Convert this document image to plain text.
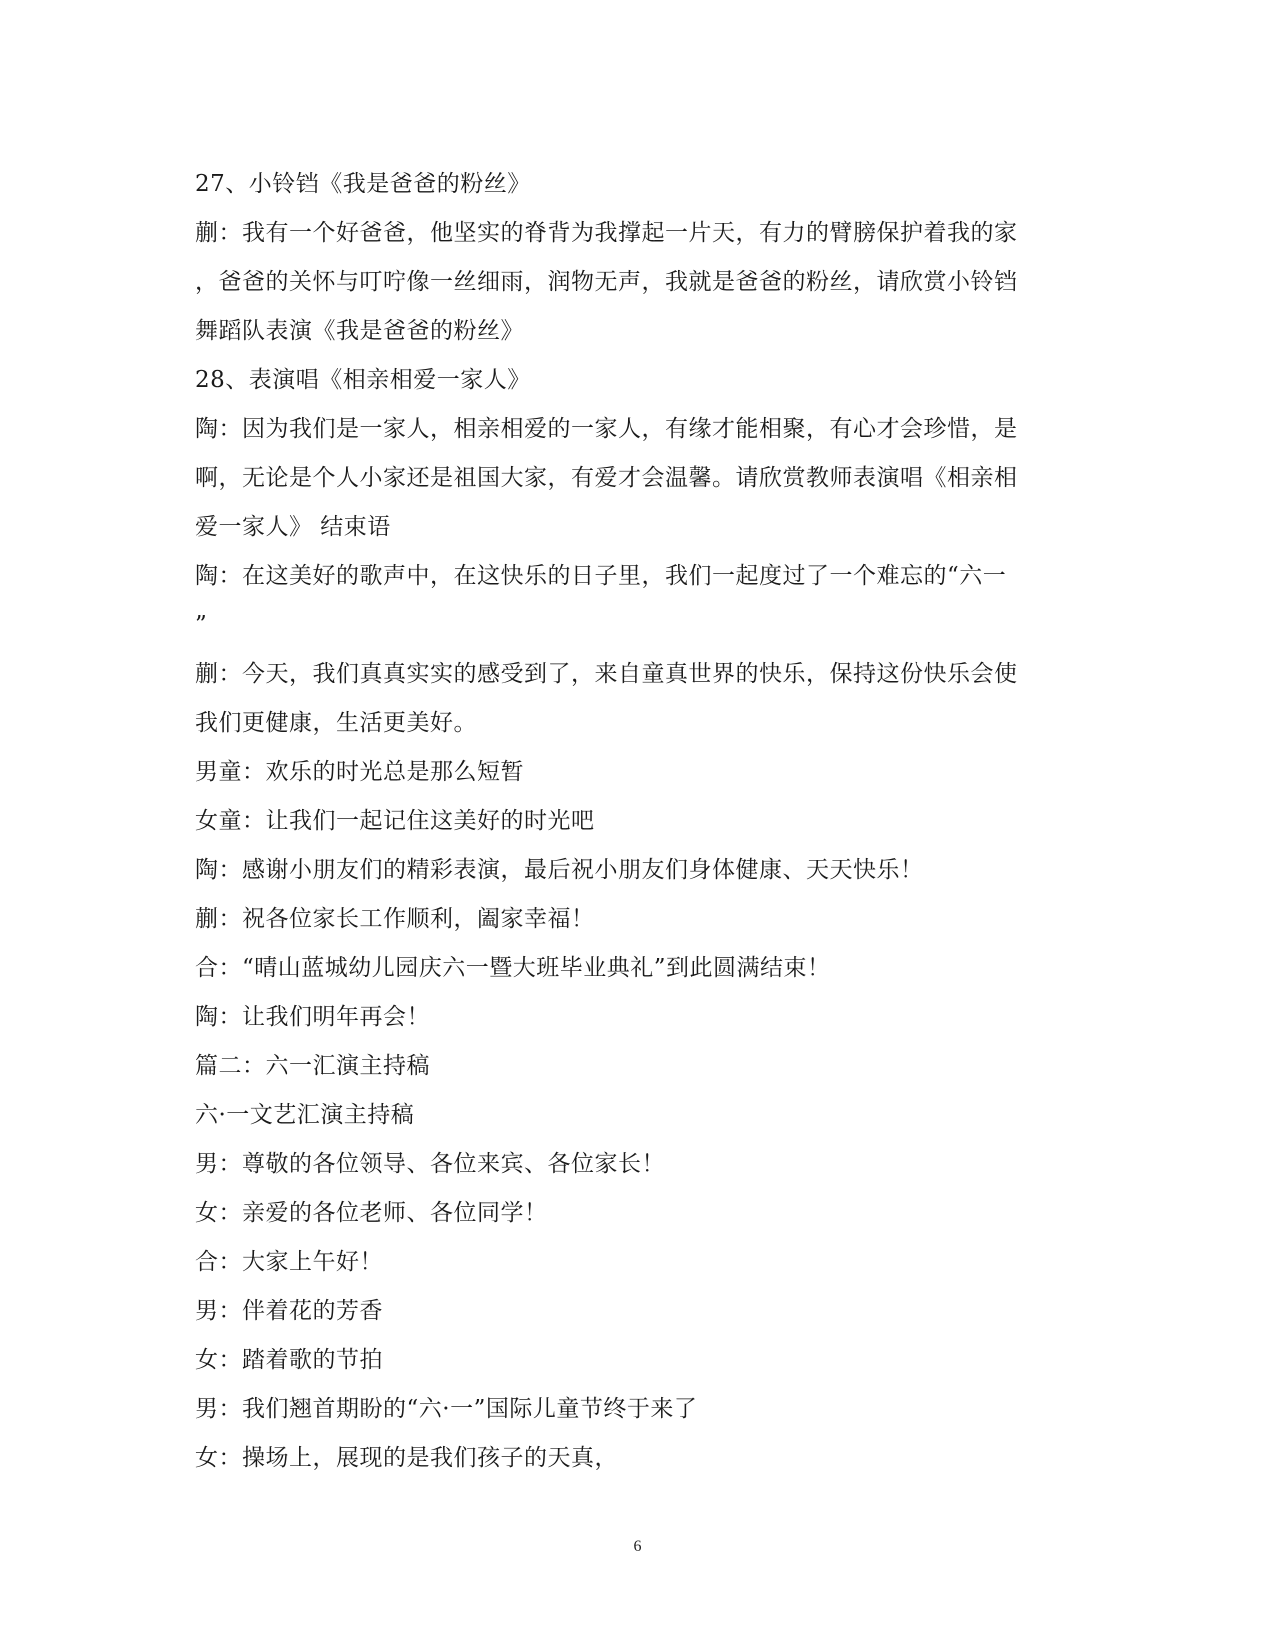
27、小铃铛《我是爸爸的粉丝》
蒯：我有一个好爸爸，他坚实的脊背为我撑起一片天，有力的臂膀保护着我的家
，爸爸的关怀与叮咛像一丝细雨，润物无声，我就是爸爸的粉丝，请欣赏小铃铛
舞蹈队表演《我是爸爸的粉丝》
28、表演唱《相亲相爱一家人》
陶：因为我们是一家人，相亲相爱的一家人，有缘才能相聚，有心才会珍惜，是
啊，无论是个人小家还是祖国大家，有爱才会温馨。请欣赏教师表演唱《相亲相
爱一家人》 结束语
陶：在这美好的歌声中，在这快乐的日子里，我们一起度过了一个难忘的“六一
”
蒯：今天，我们真真实实的感受到了，来自童真世界的快乐，保持这份快乐会使
我们更健康，生活更美好。
男童：欢乐的时光总是那么短暂
女童：让我们一起记住这美好的时光吧
陶：感谢小朋友们的精彩表演，最后祝小朋友们身体健康、天天快乐！
蒯：祝各位家长工作顺利，阖家幸福！
合：“晴山蓝城幼儿园庆六一暨大班毕业典礼”到此圆满结束！
陶：让我们明年再会！
篇二：六一汇演主持稿
六·一文艺汇演主持稿
男：尊敬的各位领导、各位来宾、各位家长！
女：亲爱的各位老师、各位同学！
合：大家上午好！
男：伴着花的芳香
女：踏着歌的节拍
男：我们翘首期盼的“六·一”国际儿童节终于来了
女：操场上，展现的是我们孩子的天真，
6
